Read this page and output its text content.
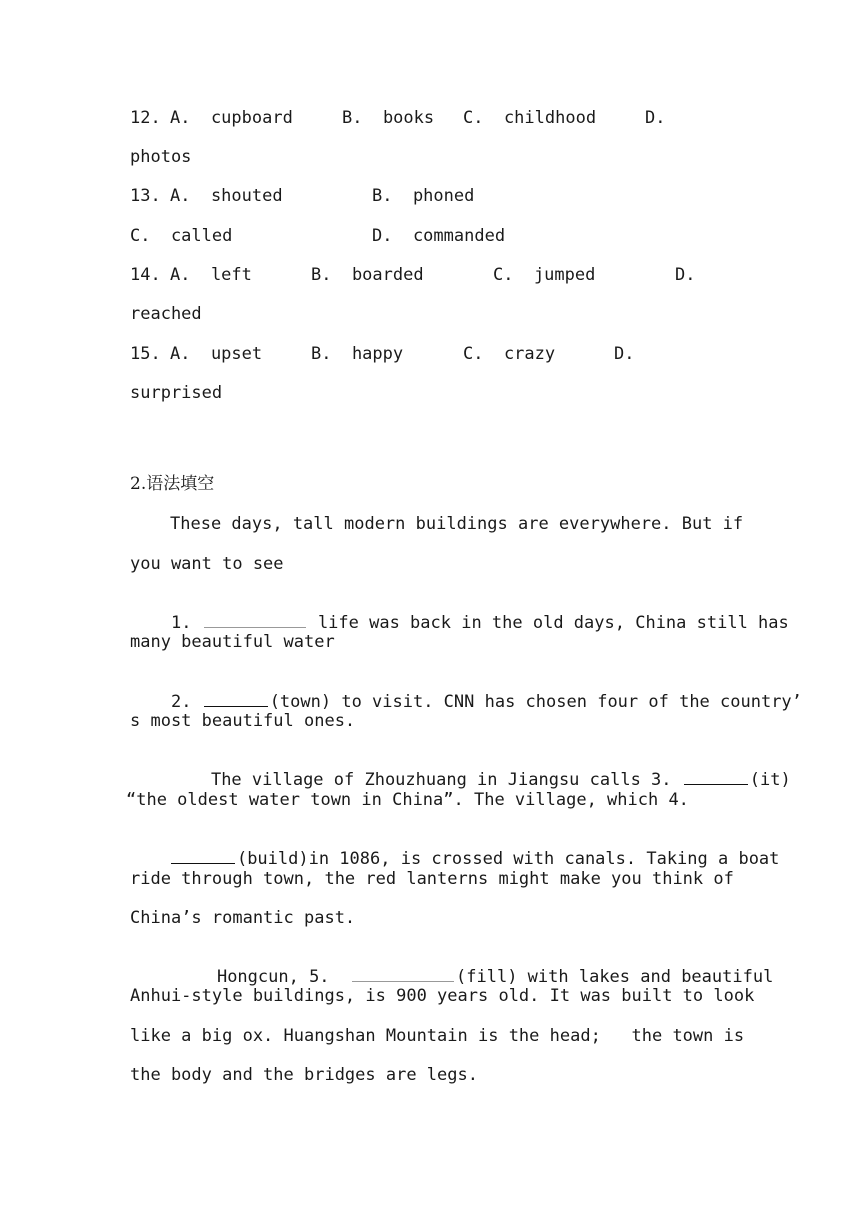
12. A.  cupboard	B.  books C.  childhood	D.
photos
13. A.  shouted	B.  phoned
C.  called	D.  commanded
14. A.  left	B.  boarded	C.  jumped	D.
reached
15. A.  upset	B.  happy	C.  crazy	D.
surprised
2.语法填空
These days, tall modern buildings are everywhere. But if
you want to see

1.	life was back in the old days, China still has

many beautiful water

2.	(town) to visit. CNN has chosen four of the country’

s most beautiful ones.

The village of Zhouzhuang in Jiangsu calls 3.	(it)

“the oldest water town in China”. The village, which 4.

(build)in 1086, is crossed with canals. Taking a boat

ride through town, the red lanterns might make you think of
China’s romantic past.

Hongcun, 5.	(fill) with lakes and beautiful

Anhui-style buildings, is 900 years old. It was built to look
like a big ox. Huangshan Mountain is the head;   the town is
the body and the bridges are legs.
